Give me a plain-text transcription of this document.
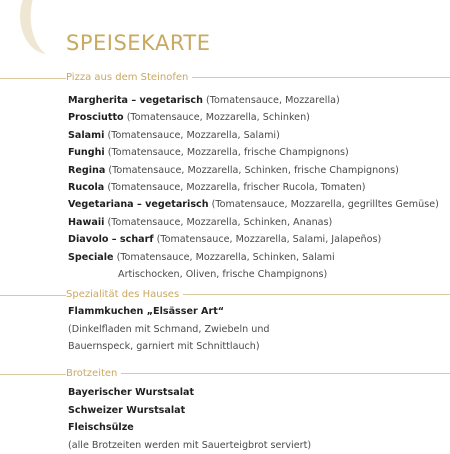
SPEISEKARTE
Pizza aus dem Steinofen
Margherita – vegetarisch (Tomatensauce, Mozzarella)
Prosciutto (Tomatensauce, Mozzarella, Schinken)
Salami (Tomatensauce, Mozzarella, Salami)
Funghi (Tomatensauce, Mozzarella, frische Champignons)
Regina (Tomatensauce, Mozzarella, Schinken, frische Champignons)
Rucola (Tomatensauce, Mozzarella, frischer Rucola, Tomaten)
Vegetariana – vegetarisch (Tomatensauce, Mozzarella, gegrilltes Gemüse)
Hawaii (Tomatensauce, Mozzarella, Schinken, Ananas)
Diavolo – scharf (Tomatensauce, Mozzarella, Salami, Jalapeños)
Speciale (Tomatensauce, Mozzarella, Schinken, Salami
Artischocken, Oliven, frische Champignons)
Spezialität des Hauses
Flammkuchen „Elsässer Art“
(Dinkelfladen mit Schmand, Zwiebeln und
Bauernspeck, garniert mit Schnittlauch)
Brotzeiten
Bayerischer Wurstsalat
Schweizer Wurstsalat
Fleischsülze
(alle Brotzeiten werden mit Sauerteigbrot serviert)
